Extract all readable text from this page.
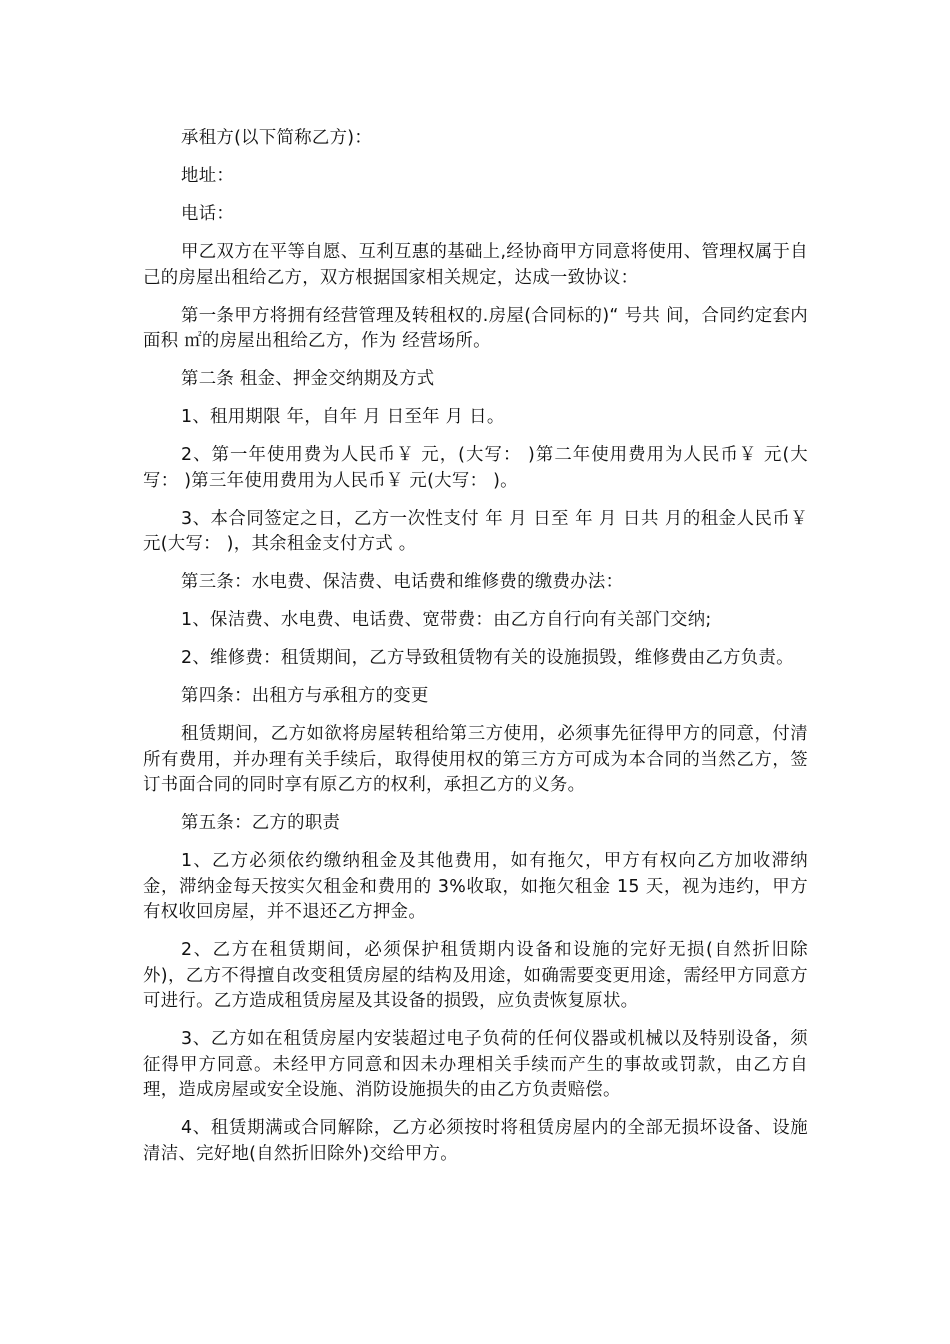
承租方(以下简称乙方)：

地址：

电话：

甲乙双方在平等自愿、互利互惠的基础上,经协商甲方同意将使用、管理权属于自己的房屋出租给乙方，双方根据国家相关规定，达成一致协议：

第一条甲方将拥有经营管理及转租权的.房屋(合同标的)“ 号共 间，合同约定套内面积 ㎡的房屋出租给乙方，作为 经营场所。

第二条 租金、押金交纳期及方式

1、租用期限 年，自年 月 日至年 月 日。

2、第一年使用费为人民币￥ 元，(大写： )第二年使用费用为人民币￥ 元(大写： )第三年使用费用为人民币￥ 元(大写： )。

3、本合同签定之日，乙方一次性支付 年 月 日至 年 月 日共 月的租金人民币￥ 元(大写： )，其余租金支付方式 。

第三条：水电费、保洁费、电话费和维修费的缴费办法：

1、保洁费、水电费、电话费、宽带费：由乙方自行向有关部门交纳;

2、维修费：租赁期间，乙方导致租赁物有关的设施损毁，维修费由乙方负责。

第四条：出租方与承租方的变更

租赁期间，乙方如欲将房屋转租给第三方使用，必须事先征得甲方的同意，付清所有费用，并办理有关手续后，取得使用权的第三方方可成为本合同的当然乙方，签订书面合同的同时享有原乙方的权利，承担乙方的义务。

第五条：乙方的职责

1、乙方必须依约缴纳租金及其他费用，如有拖欠，甲方有权向乙方加收滞纳金，滞纳金每天按实欠租金和费用的 3%收取，如拖欠租金 15 天，视为违约，甲方有权收回房屋，并不退还乙方押金。

2、乙方在租赁期间，必须保护租赁期内设备和设施的完好无损(自然折旧除外)，乙方不得擅自改变租赁房屋的结构及用途，如确需要变更用途，需经甲方同意方可进行。乙方造成租赁房屋及其设备的损毁，应负责恢复原状。

3、乙方如在租赁房屋内安装超过电子负荷的任何仪器或机械以及特别设备，须征得甲方同意。未经甲方同意和因未办理相关手续而产生的事故或罚款，由乙方自理，造成房屋或安全设施、消防设施损失的由乙方负责赔偿。

4、租赁期满或合同解除，乙方必须按时将租赁房屋内的全部无损坏设备、设施清洁、完好地(自然折旧除外)交给甲方。
